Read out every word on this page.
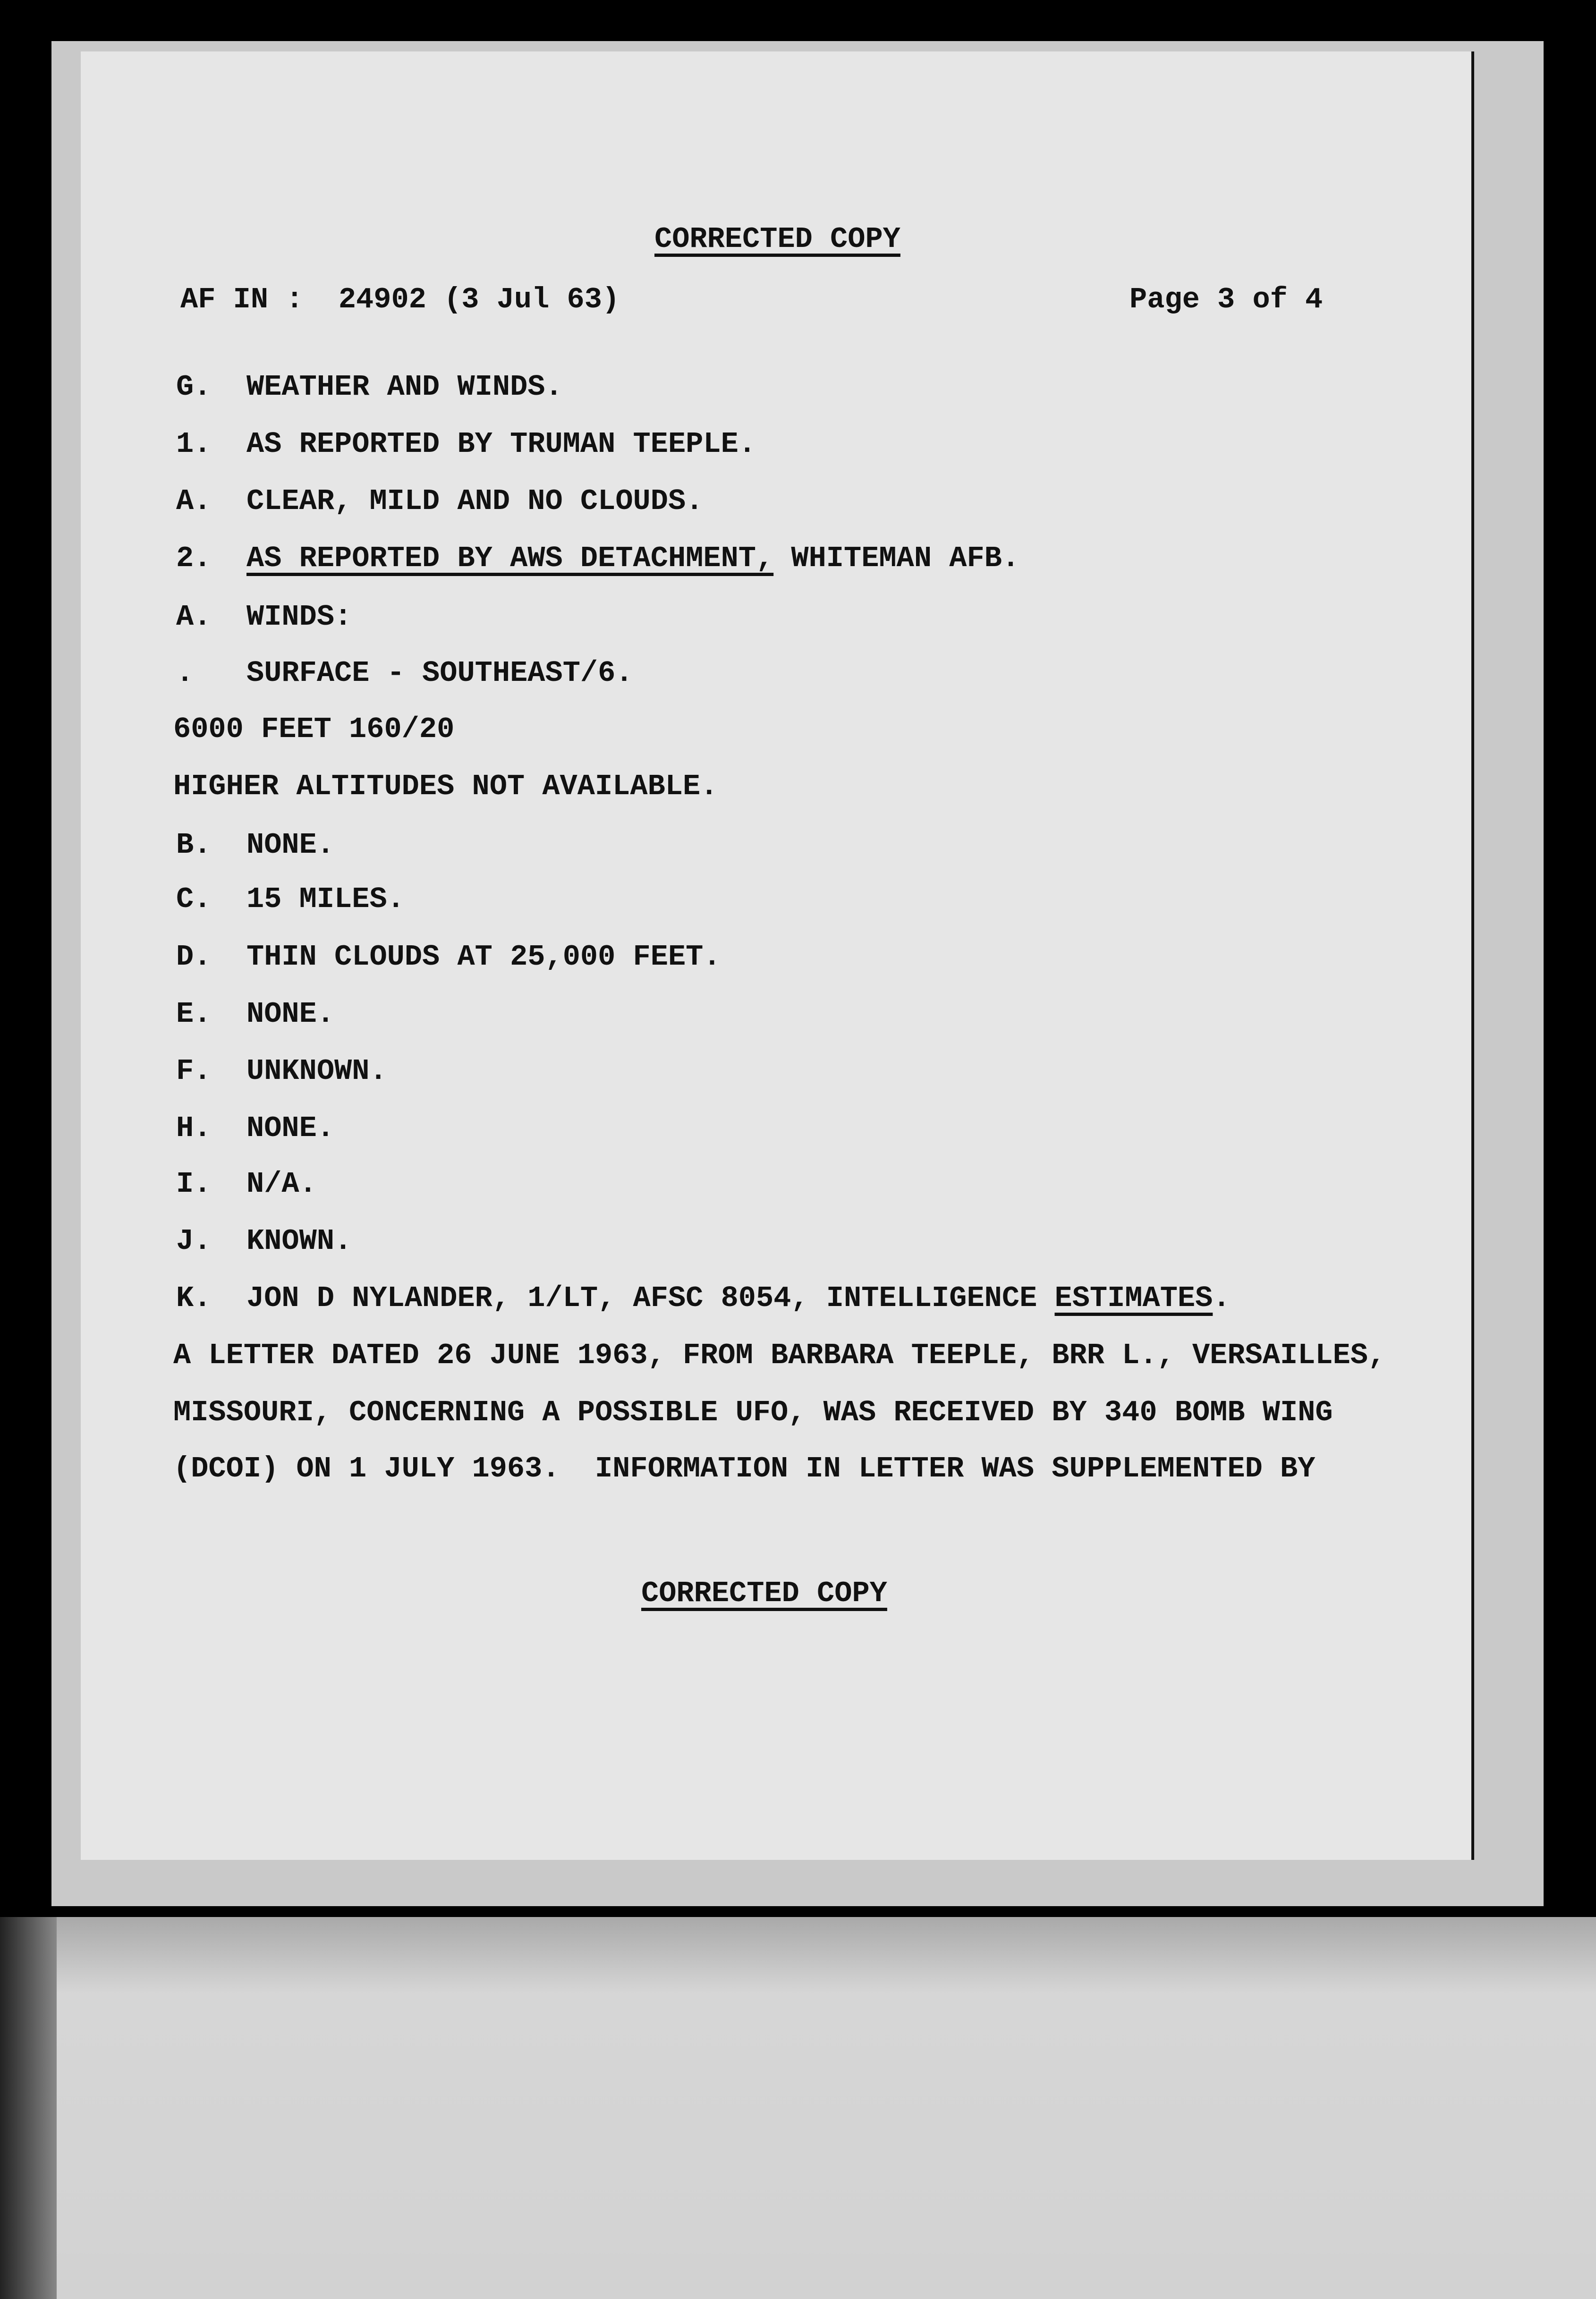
CORRECTED COPY
AF IN :  24902 (3 Jul 63)	Page 3 of 4
G. WEATHER AND WINDS.
1. AS REPORTED BY TRUMAN TEEPLE.
A. CLEAR, MILD AND NO CLOUDS.
2. AS REPORTED BY AWS DETACHMENT, WHITEMAN AFB.
A. WINDS:
. SURFACE - SOUTHEAST/6.
6000 FEET 160/20
HIGHER ALTITUDES NOT AVAILABLE.
B. NONE.
C. 15 MILES.
D. THIN CLOUDS AT 25,000 FEET.
E. NONE.
F. UNKNOWN.
H. NONE.
I. N/A.
J. KNOWN.
K. JON D NYLANDER, 1/LT, AFSC 8054, INTELLIGENCE ESTIMATES.
A LETTER DATED 26 JUNE 1963, FROM BARBARA TEEPLE, BRR L., VERSAILLES,
MISSOURI, CONCERNING A POSSIBLE UFO, WAS RECEIVED BY 340 BOMB WING
(DCOI) ON 1 JULY 1963.  INFORMATION IN LETTER WAS SUPPLEMENTED BY
CORRECTED COPY
